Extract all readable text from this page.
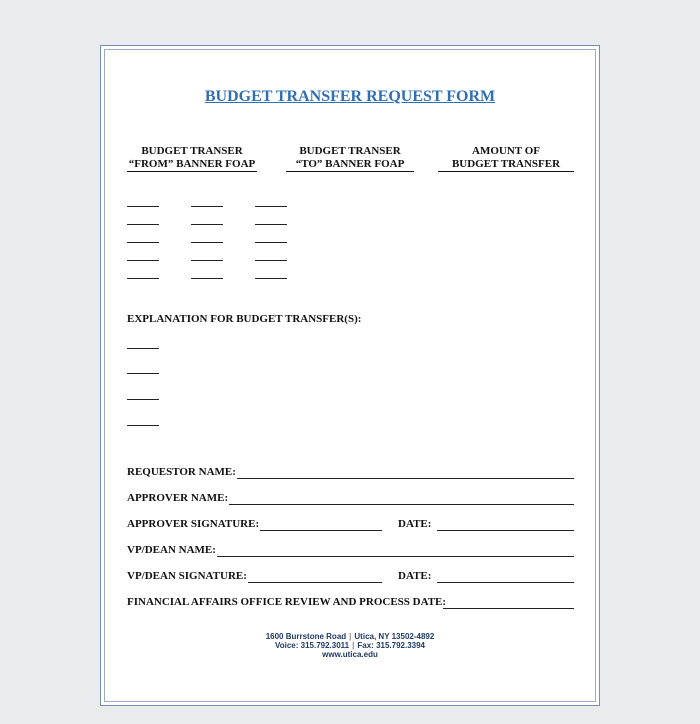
BUDGET TRANSFER REQUEST FORM
BUDGET TRANSER
“FROM” BANNER FOAP
BUDGET TRANSER
“TO” BANNER FOAP
AMOUNT OF
BUDGET TRANSFER
EXPLANATION FOR BUDGET TRANSFER(S):
REQUESTOR NAME:
APPROVER NAME:
APPROVER SIGNATURE:	DATE:
VP/DEAN NAME:
VP/DEAN SIGNATURE:	DATE:
FINANCIAL AFFAIRS OFFICE REVIEW AND PROCESS DATE:
1600 Burrstone Road | Utica, NY 13502-4892
Voice: 315.792.3011 | Fax: 315.792.3394
www.utica.edu
